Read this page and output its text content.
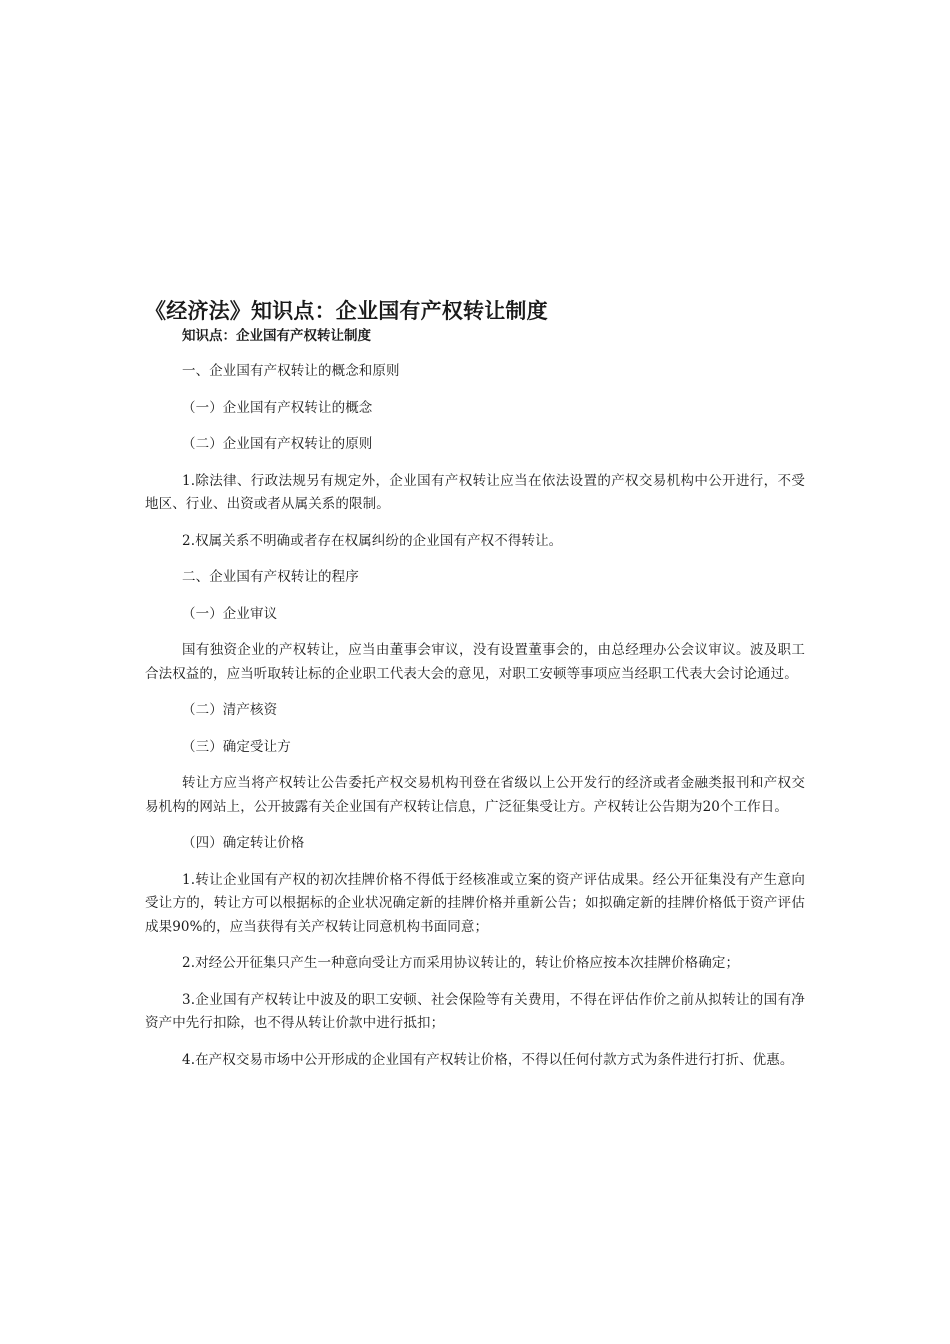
《经济法》知识点：企业国有产权转让制度
知识点：企业国有产权转让制度

一、企业国有产权转让的概念和原则

（一）企业国有产权转让的概念

（二）企业国有产权转让的原则

1.除法律、行政法规另有规定外，企业国有产权转让应当在依法设置的产权交易机构中公开进行，不受地区、行业、出资或者从属关系的限制。

2.权属关系不明确或者存在权属纠纷的企业国有产权不得转让。

二、企业国有产权转让的程序

（一）企业审议

国有独资企业的产权转让，应当由董事会审议，没有设置董事会的，由总经理办公会议审议。波及职工合法权益的，应当听取转让标的企业职工代表大会的意见，对职工安顿等事项应当经职工代表大会讨论通过。

（二）清产核资

（三）确定受让方

转让方应当将产权转让公告委托产权交易机构刊登在省级以上公开发行的经济或者金融类报刊和产权交易机构的网站上，公开披露有关企业国有产权转让信息，广泛征集受让方。产权转让公告期为20个工作日。

（四）确定转让价格

1.转让企业国有产权的初次挂牌价格不得低于经核准或立案的资产评估成果。经公开征集没有产生意向受让方的，转让方可以根据标的企业状况确定新的挂牌价格并重新公告；如拟确定新的挂牌价格低于资产评估成果90%的，应当获得有关产权转让同意机构书面同意；

2.对经公开征集只产生一种意向受让方而采用协议转让的，转让价格应按本次挂牌价格确定；

3.企业国有产权转让中波及的职工安顿、社会保险等有关费用，不得在评估作价之前从拟转让的国有净资产中先行扣除，也不得从转让价款中进行抵扣；

4.在产权交易市场中公开形成的企业国有产权转让价格，不得以任何付款方式为条件进行打折、优惠。
